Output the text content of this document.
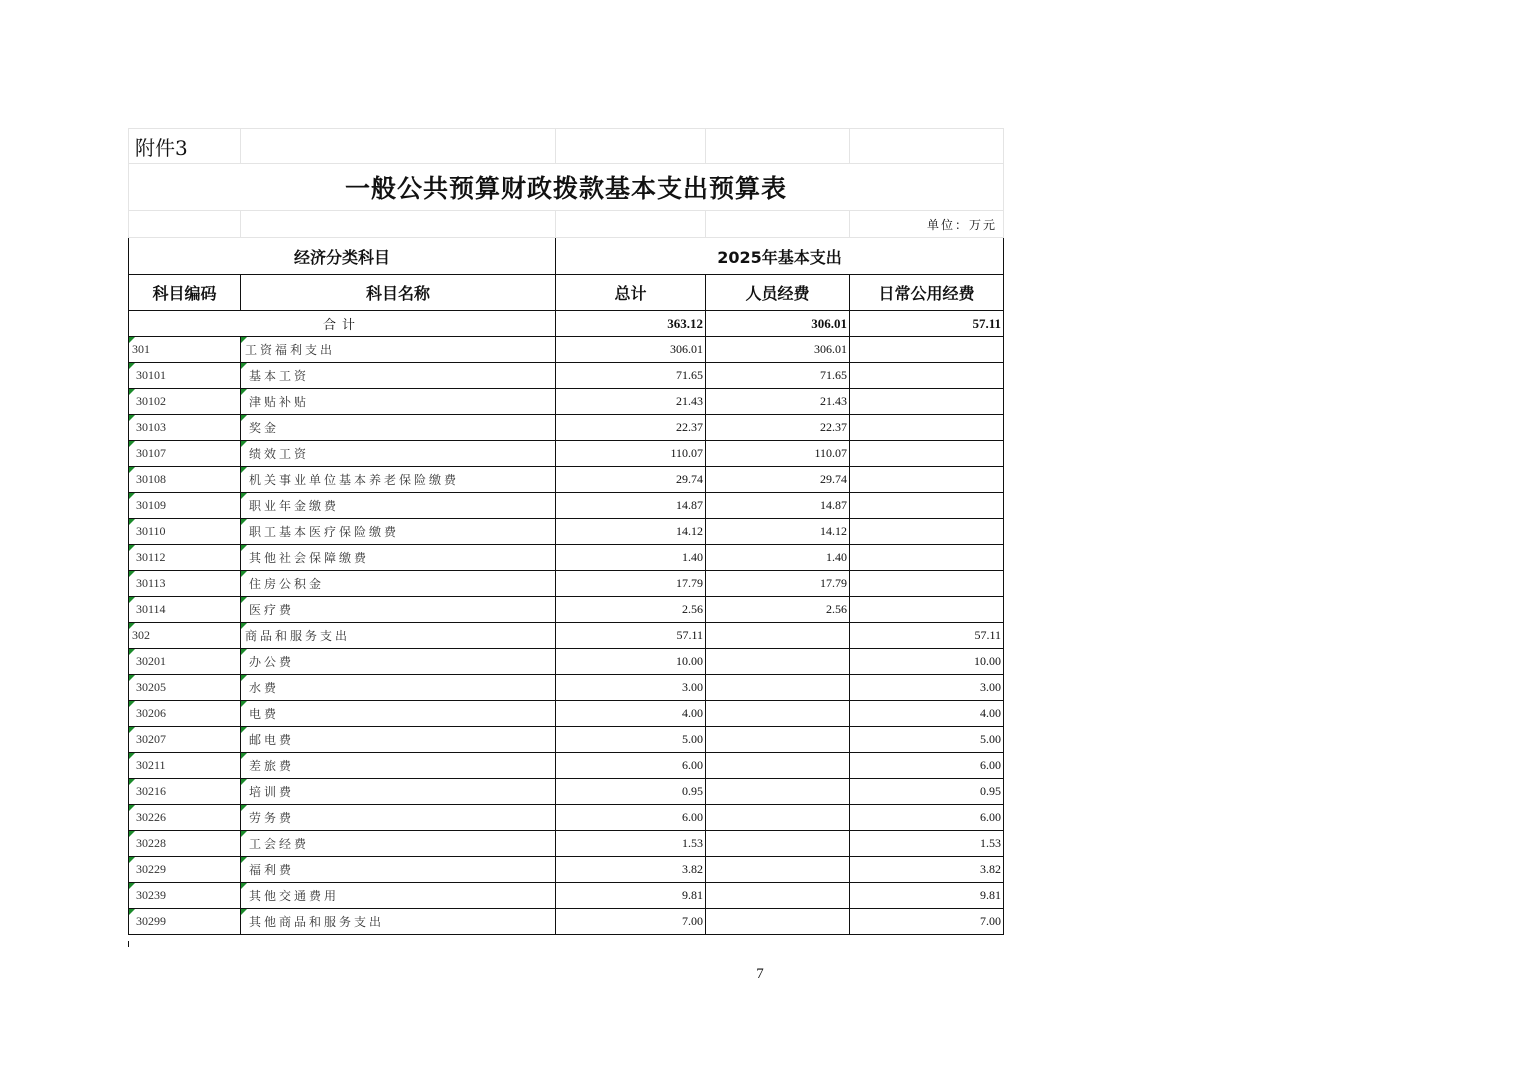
附件3				
一般公共预算财政拨款基本支出预算表				
				单位：万元
经济分类科目		2025年基本支出		
科目编码	科目名称	总计	人员经费	日常公用经费
合计		363.12	306.01	57.11
301	工资福利支出	306.01	306.01	
30101	基本工资	71.65	71.65	
30102	津贴补贴	21.43	21.43	
30103	奖金	22.37	22.37	
30107	绩效工资	110.07	110.07	
30108	机关事业单位基本养老保险缴费	29.74	29.74	
30109	职业年金缴费	14.87	14.87	
30110	职工基本医疗保险缴费	14.12	14.12	
30112	其他社会保障缴费	1.40	1.40	
30113	住房公积金	17.79	17.79	
30114	医疗费	2.56	2.56	
302	商品和服务支出	57.11		57.11
30201	办公费	10.00		10.00
30205	水费	3.00		3.00
30206	电费	4.00		4.00
30207	邮电费	5.00		5.00
30211	差旅费	6.00		6.00
30216	培训费	0.95		0.95
30226	劳务费	6.00		6.00
30228	工会经费	1.53		1.53
30229	福利费	3.82		3.82
30239	其他交通费用	9.81		9.81
30299	其他商品和服务支出	7.00		7.00
7
